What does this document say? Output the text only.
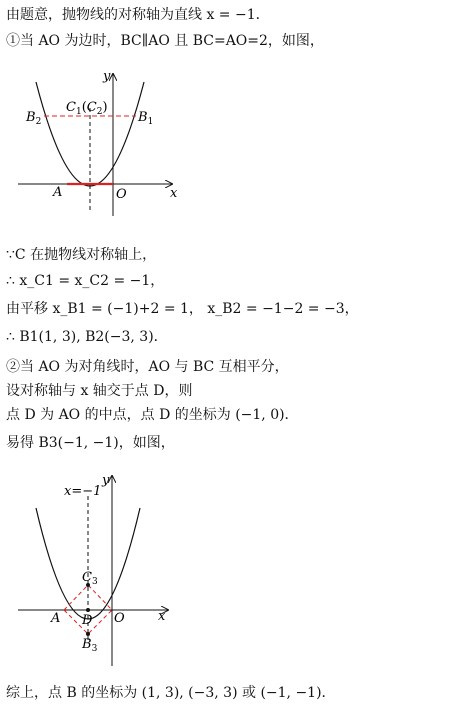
由题意，抛物线的对称轴为直线 x = −1．
①当 AO 为边时，BC∥AO 且 BC=AO=2，如图，
y
x
O
A
$B_2$	$B_1$
$C_1(C_2)$
∵C 在抛物线对称轴上，
∴ x_C1 = x_C2 = −1，
由平移 x_B1 = (−1)+2 = 1， x_B2 = −1−2 = −3，
∴ B1(1, 3), B2(−3, 3)．
②当 AO 为对角线时，AO 与 BC 互相平分，
设对称轴与 x 轴交于点 D，则
点 D 为 AO 的中点，点 D 的坐标为 (−1, 0)．
易得 B3(−1, −1)，如图，
x=−1
y
x
O
A D
$C_3$
$B_3$
综上，点 B 的坐标为 (1, 3), (−3, 3) 或 (−1, −1)．
